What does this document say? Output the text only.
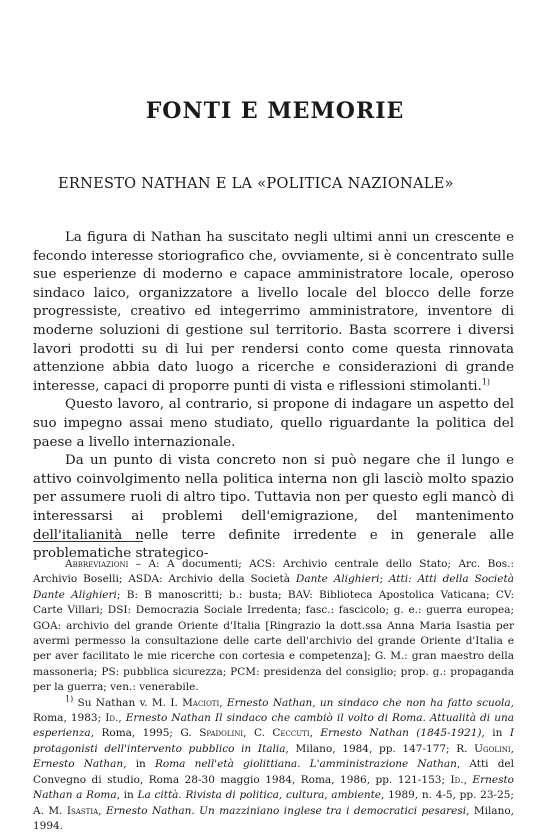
FONTI E MEMORIE
ERNESTO NATHAN E LA «POLITICA NAZIONALE»

La figura di Nathan ha suscitato negli ultimi anni un crescente e fecondo interesse storiografico che, ovviamente, si è concentrato sulle sue esperienze di moderno e capace amministratore locale, operoso sindaco laico, organizzatore a livello locale del blocco delle forze progressiste, creativo ed integerrimo amministratore, inventore di moderne soluzioni di gestione sul territorio. Basta scorrere i diversi lavori prodotti su di lui per rendersi conto come questa rinnovata attenzione abbia dato luogo a ricerche e considerazioni di grande interesse, capaci di proporre punti di vista e riflessioni stimolanti.$^{1)}$

Questo lavoro, al contrario, si propone di indagare un aspetto del suo impegno assai meno studiato, quello riguardante la politica del paese a livello internazionale.

Da un punto di vista concreto non si può negare che il lungo e attivo coinvolgimento nella politica interna non gli lasciò molto spazio per assumere ruoli di altro tipo. Tuttavia non per questo egli mancò di interessarsi ai problemi dell'emigrazione, del mantenimento dell'italianità nelle terre definite irredente e in generale alle problematiche strategico-

Abbreviazioni – A: A documenti; ACS: Archivio centrale dello Stato; Arc. Bos.: Archivio Boselli; ASDA: Archivio della Società Dante Alighieri; Atti: Atti della Società Dante Alighieri; B: B manoscritti; b.: busta; BAV: Biblioteca Apostolica Vaticana; CV: Carte Villari; DSI: Democrazia Sociale Irredenta; fasc.: fascicolo; g. e.: guerra europea; GOA: archivio del grande Oriente d'Italia [Ringrazio la dott.ssa Anna Maria Isastia per avermi permesso la consultazione delle carte dell'archivio del grande Oriente d'Italia e per aver facilitato le mie ricerche con cortesia e competenza]; G. M.: gran maestro della massoneria; PS: pubblica sicurezza; PCM: presidenza del consiglio; prop. g.: propaganda per la guerra; ven.: venerabile.

$^{1)}$ Su Nathan v. M. I. Macioti, Ernesto Nathan, un sindaco che non ha fatto scuola, Roma, 1983; Id., Ernesto Nathan Il sindaco che cambiò il volto di Roma. Attualità di una esperienza, Roma, 1995; G. Spadolini, C. Ceccuti, Ernesto Nathan (1845-1921), in I protagonisti dell'intervento pubblico in Italia, Milano, 1984, pp. 147-177; R. Ugolini, Ernesto Nathan, in Roma nell'età giolittiana. L'amministrazione Nathan, Atti del Convegno di studio, Roma 28-30 maggio 1984, Roma, 1986, pp. 121-153; Id., Ernesto Nathan a Roma, in La città. Rivista di politica, cultura, ambiente, 1989, n. 4-5, pp. 23-25; A. M. Isastia, Ernesto Nathan. Un mazziniano inglese tra i democratici pesaresi, Milano, 1994.
